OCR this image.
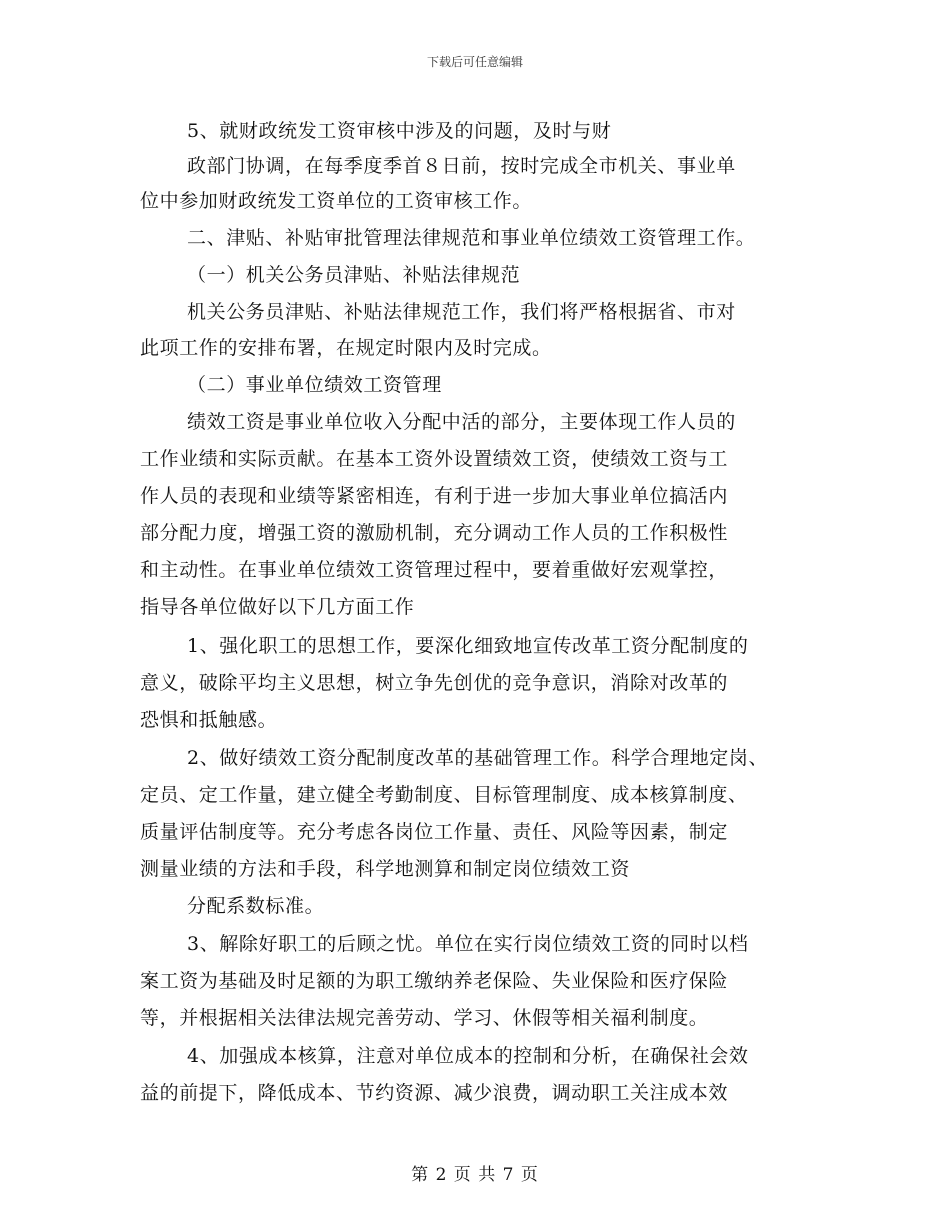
下载后可任意编辑
5、就财政统发工资审核中涉及的问题，及时与财
政部门协调，在每季度季首８日前，按时完成全市机关、事业单
位中参加财政统发工资单位的工资审核工作。
二、津贴、补贴审批管理法律规范和事业单位绩效工资管理工作。
（一）机关公务员津贴、补贴法律规范
机关公务员津贴、补贴法律规范工作，我们将严格根据省、市对
此项工作的安排布署，在规定时限内及时完成。
（二）事业单位绩效工资管理
绩效工资是事业单位收入分配中活的部分，主要体现工作人员的
工作业绩和实际贡献。在基本工资外设置绩效工资，使绩效工资与工
作人员的表现和业绩等紧密相连，有利于进一步加大事业单位搞活内
部分配力度，增强工资的激励机制，充分调动工作人员的工作积极性
和主动性。在事业单位绩效工资管理过程中，要着重做好宏观掌控，
指导各单位做好以下几方面工作
1、强化职工的思想工作，要深化细致地宣传改革工资分配制度的
意义，破除平均主义思想，树立争先创优的竞争意识，消除对改革的
恐惧和抵触感。
2、做好绩效工资分配制度改革的基础管理工作。科学合理地定岗、
定员、定工作量，建立健全考勤制度、目标管理制度、成本核算制度、
质量评估制度等。充分考虑各岗位工作量、责任、风险等因素，制定
测量业绩的方法和手段，科学地测算和制定岗位绩效工资
分配系数标准。
3、解除好职工的后顾之忧。单位在实行岗位绩效工资的同时以档
案工资为基础及时足额的为职工缴纳养老保险、失业保险和医疗保险
等，并根据相关法律法规完善劳动、学习、休假等相关福利制度。
4、加强成本核算，注意对单位成本的控制和分析，在确保社会效
益的前提下，降低成本、节约资源、减少浪费，调动职工关注成本效
第 2 页 共 7 页
